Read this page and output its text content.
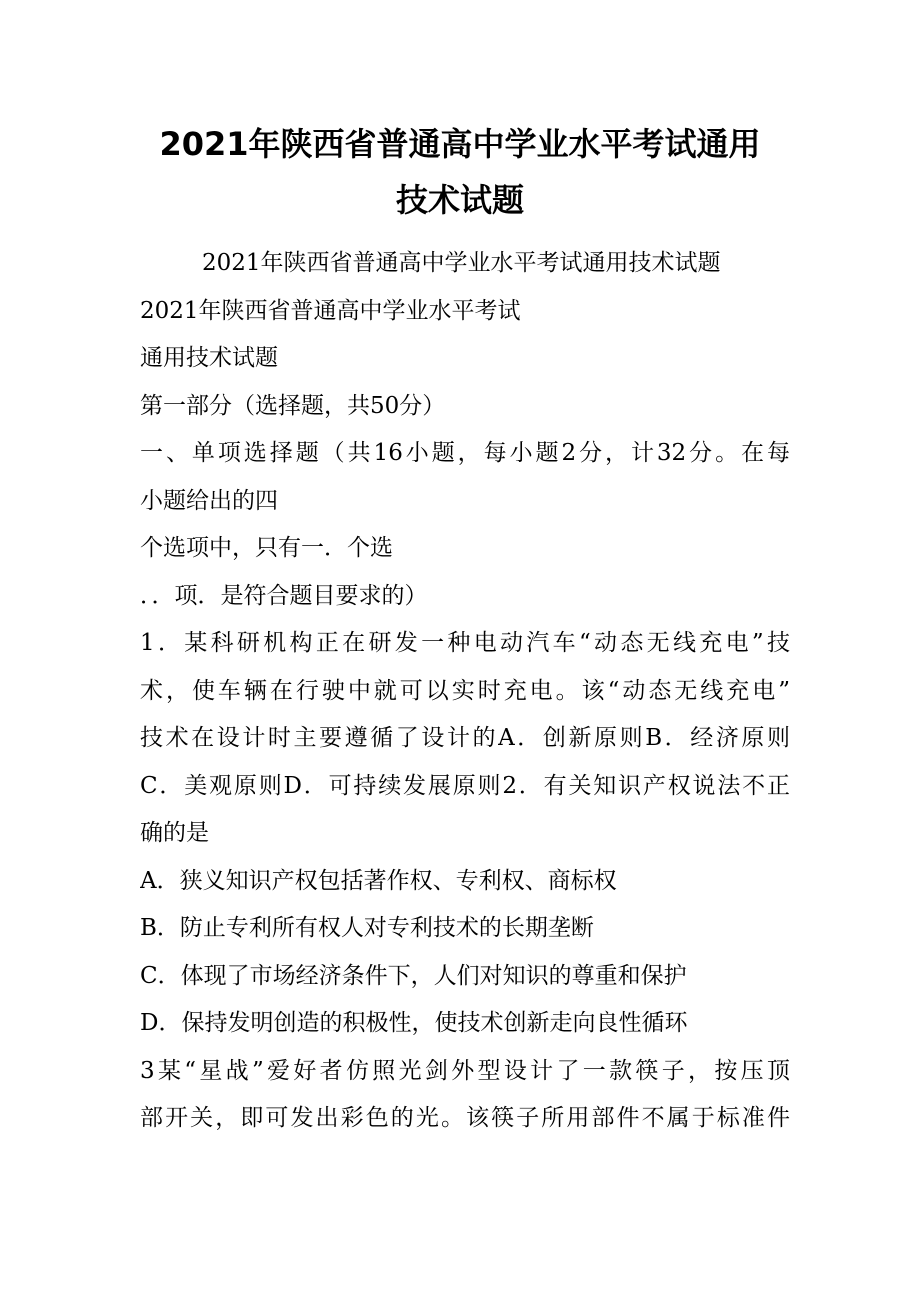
2021年陕西省普通高中学业水平考试通用
技术试题
2021年陕西省普通高中学业水平考试通用技术试题
2021年陕西省普通高中学业水平考试
通用技术试题
第一部分（选择题，共50分）
一、单项选择题（共16小题，每小题2分，计32分。在每
小题给出的四
个选项中，只有一．个选
．．项．是符合题目要求的）
1．某科研机构正在研发一种电动汽车“动态无线充电”技
术，使车辆在行驶中就可以实时充电。该“动态无线充电”
技术在设计时主要遵循了设计的A．创新原则B．经济原则
C．美观原则D．可持续发展原则2．有关知识产权说法不正
确的是
A．狭义知识产权包括著作权、专利权、商标权
B．防止专利所有权人对专利技术的长期垄断
C．体现了市场经济条件下，人们对知识的尊重和保护
D．保持发明创造的积极性，使技术创新走向良性循环
3某“星战”爱好者仿照光剑外型设计了一款筷子，按压顶
部开关，即可发出彩色的光。该筷子所用部件不属于标准件
